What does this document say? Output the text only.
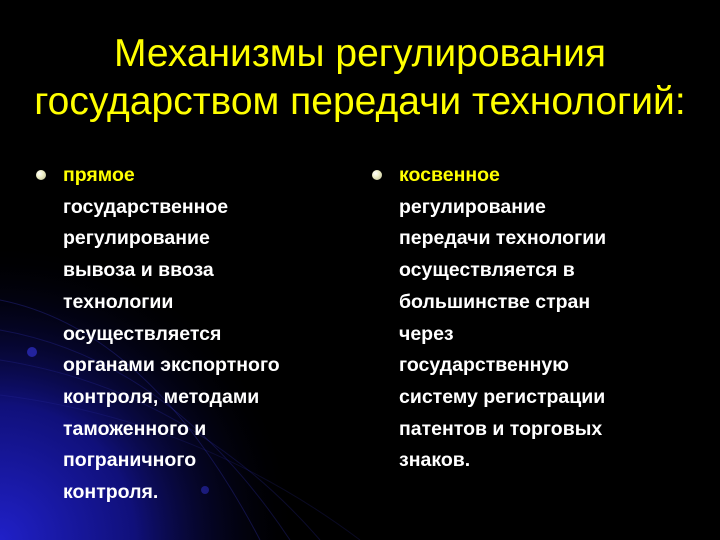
Механизмы регулирования
государством передачи технологий:
прямое
государственное
регулирование
вывоза и ввоза
технологии
осуществляется
органами экспортного
контроля, методами
таможенного и
пограничного
контроля.
косвенное
регулирование
передачи технологии
осуществляется в
большинстве стран
через
государственную
систему регистрации
патентов и торговых
знаков.
